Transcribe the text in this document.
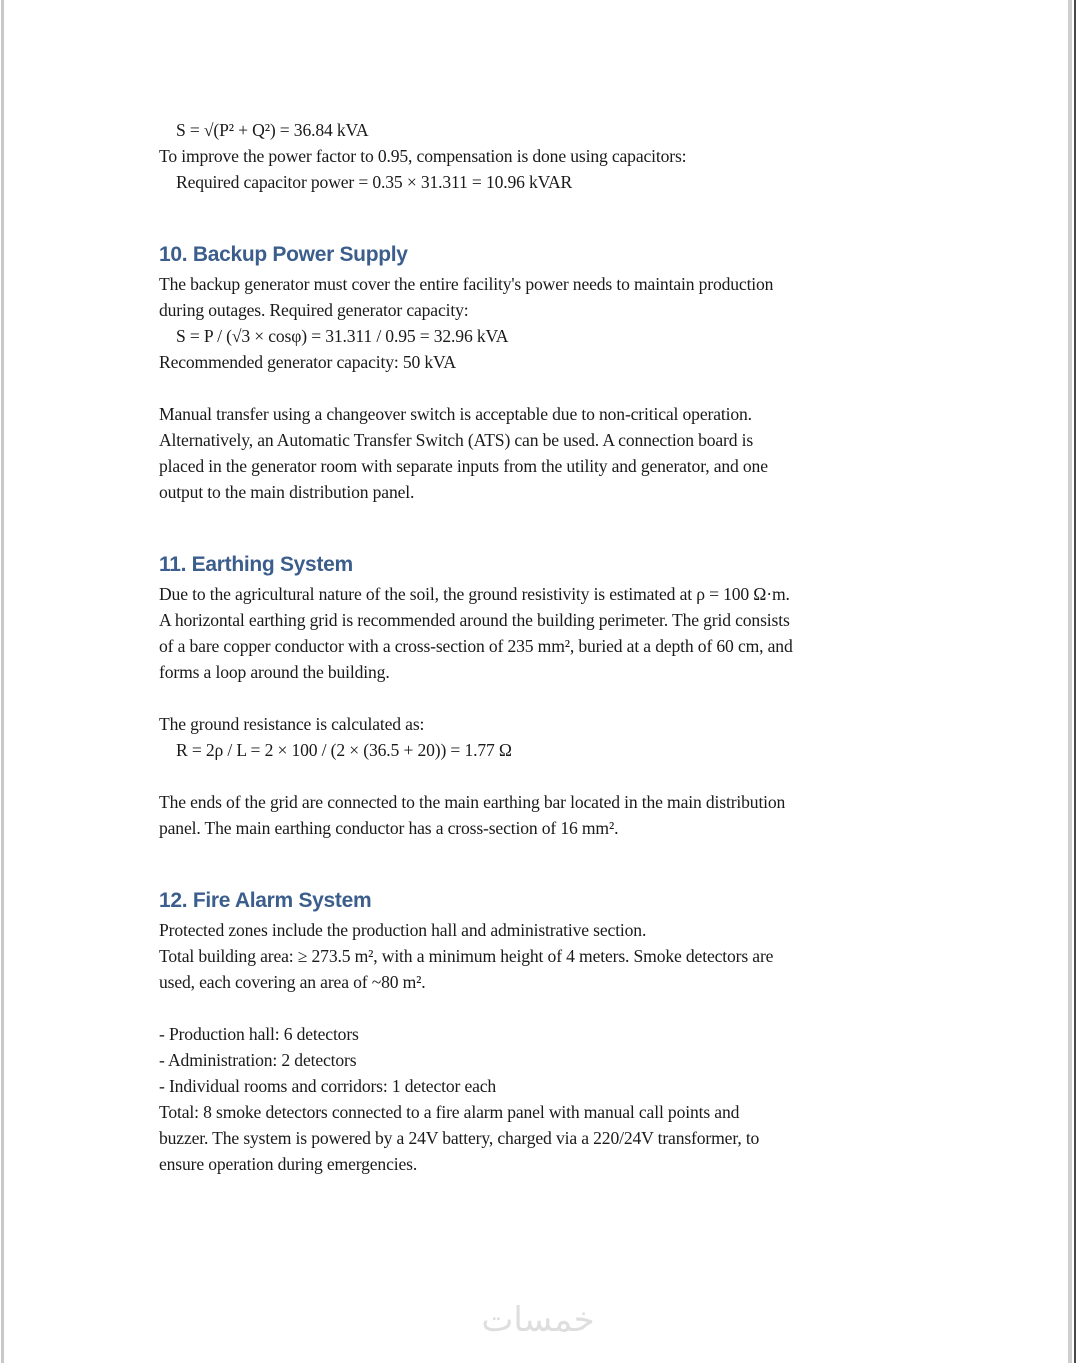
S = √(P² + Q²) = 36.84 kVA
To improve the power factor to 0.95, compensation is done using capacitors:
Required capacitor power = 0.35 × 31.311 = 10.96 kVAR
10. Backup Power Supply
The backup generator must cover the entire facility's power needs to maintain production
during outages. Required generator capacity:
S = P / (√3 × cosφ) = 31.311 / 0.95 = 32.96 kVA
Recommended generator capacity: 50 kVA
Manual transfer using a changeover switch is acceptable due to non-critical operation.
Alternatively, an Automatic Transfer Switch (ATS) can be used. A connection board is
placed in the generator room with separate inputs from the utility and generator, and one
output to the main distribution panel.
11. Earthing System
Due to the agricultural nature of the soil, the ground resistivity is estimated at ρ = 100 Ω·m.
A horizontal earthing grid is recommended around the building perimeter. The grid consists
of a bare copper conductor with a cross-section of 235 mm², buried at a depth of 60 cm, and
forms a loop around the building.
The ground resistance is calculated as:
R = 2ρ / L = 2 × 100 / (2 × (36.5 + 20)) = 1.77 Ω
The ends of the grid are connected to the main earthing bar located in the main distribution
panel. The main earthing conductor has a cross-section of 16 mm².
12. Fire Alarm System
Protected zones include the production hall and administrative section.
Total building area: ≥ 273.5 m², with a minimum height of 4 meters. Smoke detectors are
used, each covering an area of ~80 m².
- Production hall: 6 detectors
- Administration: 2 detectors
- Individual rooms and corridors: 1 detector each
Total: 8 smoke detectors connected to a fire alarm panel with manual call points and
buzzer. The system is powered by a 24V battery, charged via a 220/24V transformer, to
ensure operation during emergencies.
خمسات
